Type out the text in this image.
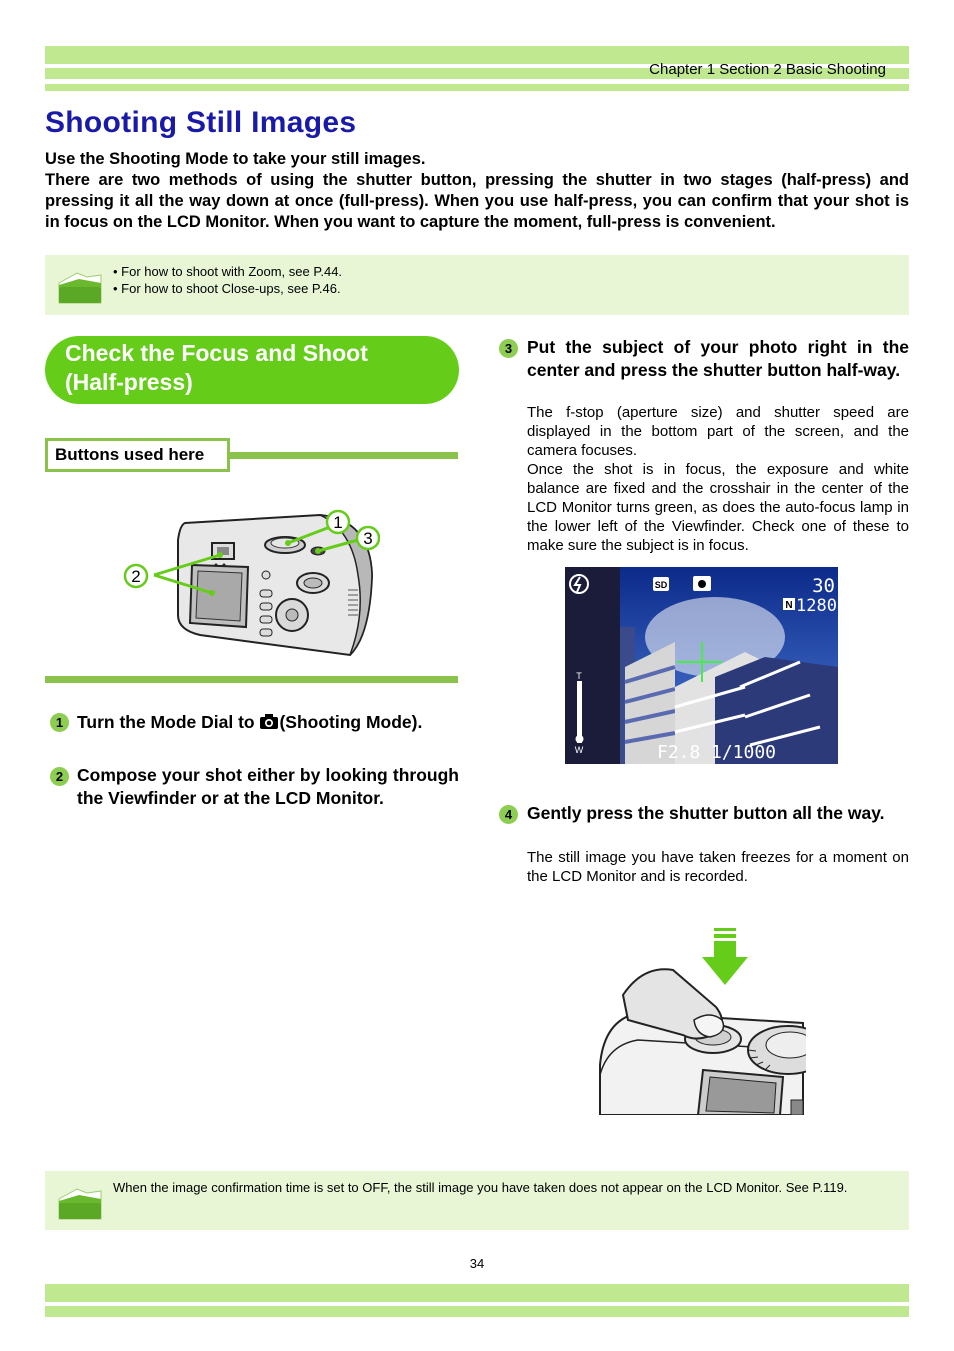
Chapter 1 Section 2 Basic Shooting
Shooting Still Images

Use the Shooting Mode to take your still images.

There are two methods of using the shutter button, pressing the shutter in two stages (half-press) and pressing it all the way down at once (full-press). When you use half-press, you can confirm that your shot is in focus on the LCD Monitor. When you want to capture the moment, full-press is convenient.

• For how to shoot with Zoom, see P.44.
• For how to shoot Close-ups, see P.46.
Check the Focus and Shoot
(Half-press)
Buttons used here
1
3
2
1 Turn the Mode Dial to (Shooting Mode).
2 Compose your shot either by looking through the Viewfinder or at the LCD Monitor.
3 Put the subject of your photo right in the center and press the shutter button half-way.

The f-stop (aperture size) and shutter speed are displayed in the bottom part of the screen, and the camera focuses.

Once the shot is in focus, the exposure and white balance are fixed and the crosshair in the center of the LCD Monitor turns green, as does the auto-focus lamp in the lower left of the Viewfinder. Check one of these to make sure the subject is in focus.

SD	30
N 1280
T
W	F2.8 1/1000
4 Gently press the shutter button all the way.
The still image you have taken freezes for a moment on the LCD Monitor and is recorded.
When the image confirmation time is set to OFF, the still image you have taken does not appear on the LCD Monitor. See P.119.
34
